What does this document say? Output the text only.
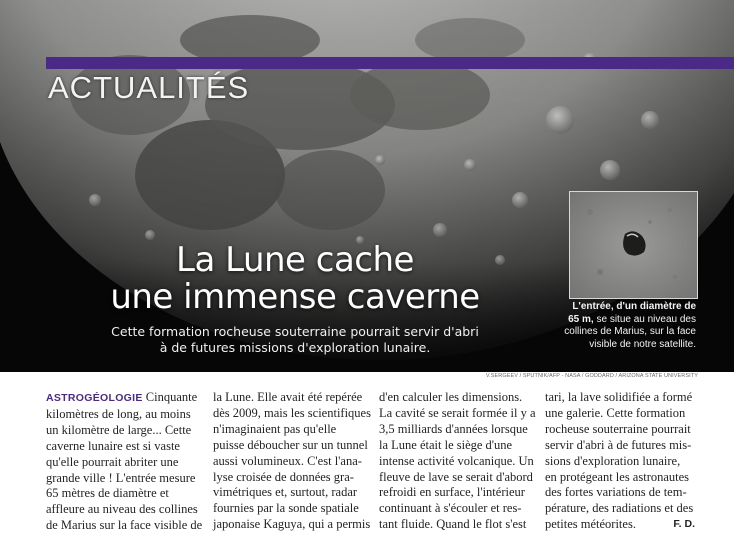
ACTUALITÉS
La Lune cache
une immense caverne
Cette formation rocheuse souterraine pourrait servir d'abri
à de futures missions d'exploration lunaire.
L'entrée, d'un diamètre de
65 m, se situe au niveau des
collines de Marius, sur la face
visible de notre satellite.
V.SERGEEV / SPUTNIK/AFP - NASA / GODDARD / ARIZONA STATE UNIVERSITY
ASTROGÉOLOGIE Cinquante
kilomètres de long, au moins
un kilomètre de large... Cette
caverne lunaire est si vaste
qu'elle pourrait abriter une
grande ville ! L'entrée mesure
65 mètres de diamètre et
affleure au niveau des collines
de Marius sur la face visible de
la Lune. Elle avait été repérée
dès 2009, mais les scientifiques
n'imaginaient pas qu'elle
puisse déboucher sur un tunnel
aussi volumineux. C'est l'ana-
lyse croisée de données gra-
vimétriques et, surtout, radar
fournies par la sonde spatiale
japonaise Kaguya, qui a permis
d'en calculer les dimensions.
La cavité se serait formée il y a
3,5 milliards d'années lorsque
la Lune était le siège d'une
intense activité volcanique. Un
fleuve de lave se serait d'abord
refroidi en surface, l'intérieur
continuant à s'écouler et res-
tant fluide. Quand le flot s'est
tari, la lave solidifiée a formé
une galerie. Cette formation
rocheuse souterraine pourrait
servir d'abri à de futures mis-
sions d'exploration lunaire,
en protégeant les astronautes
des fortes variations de tem-
pérature, des radiations et des
petites météorites.	F. D.
